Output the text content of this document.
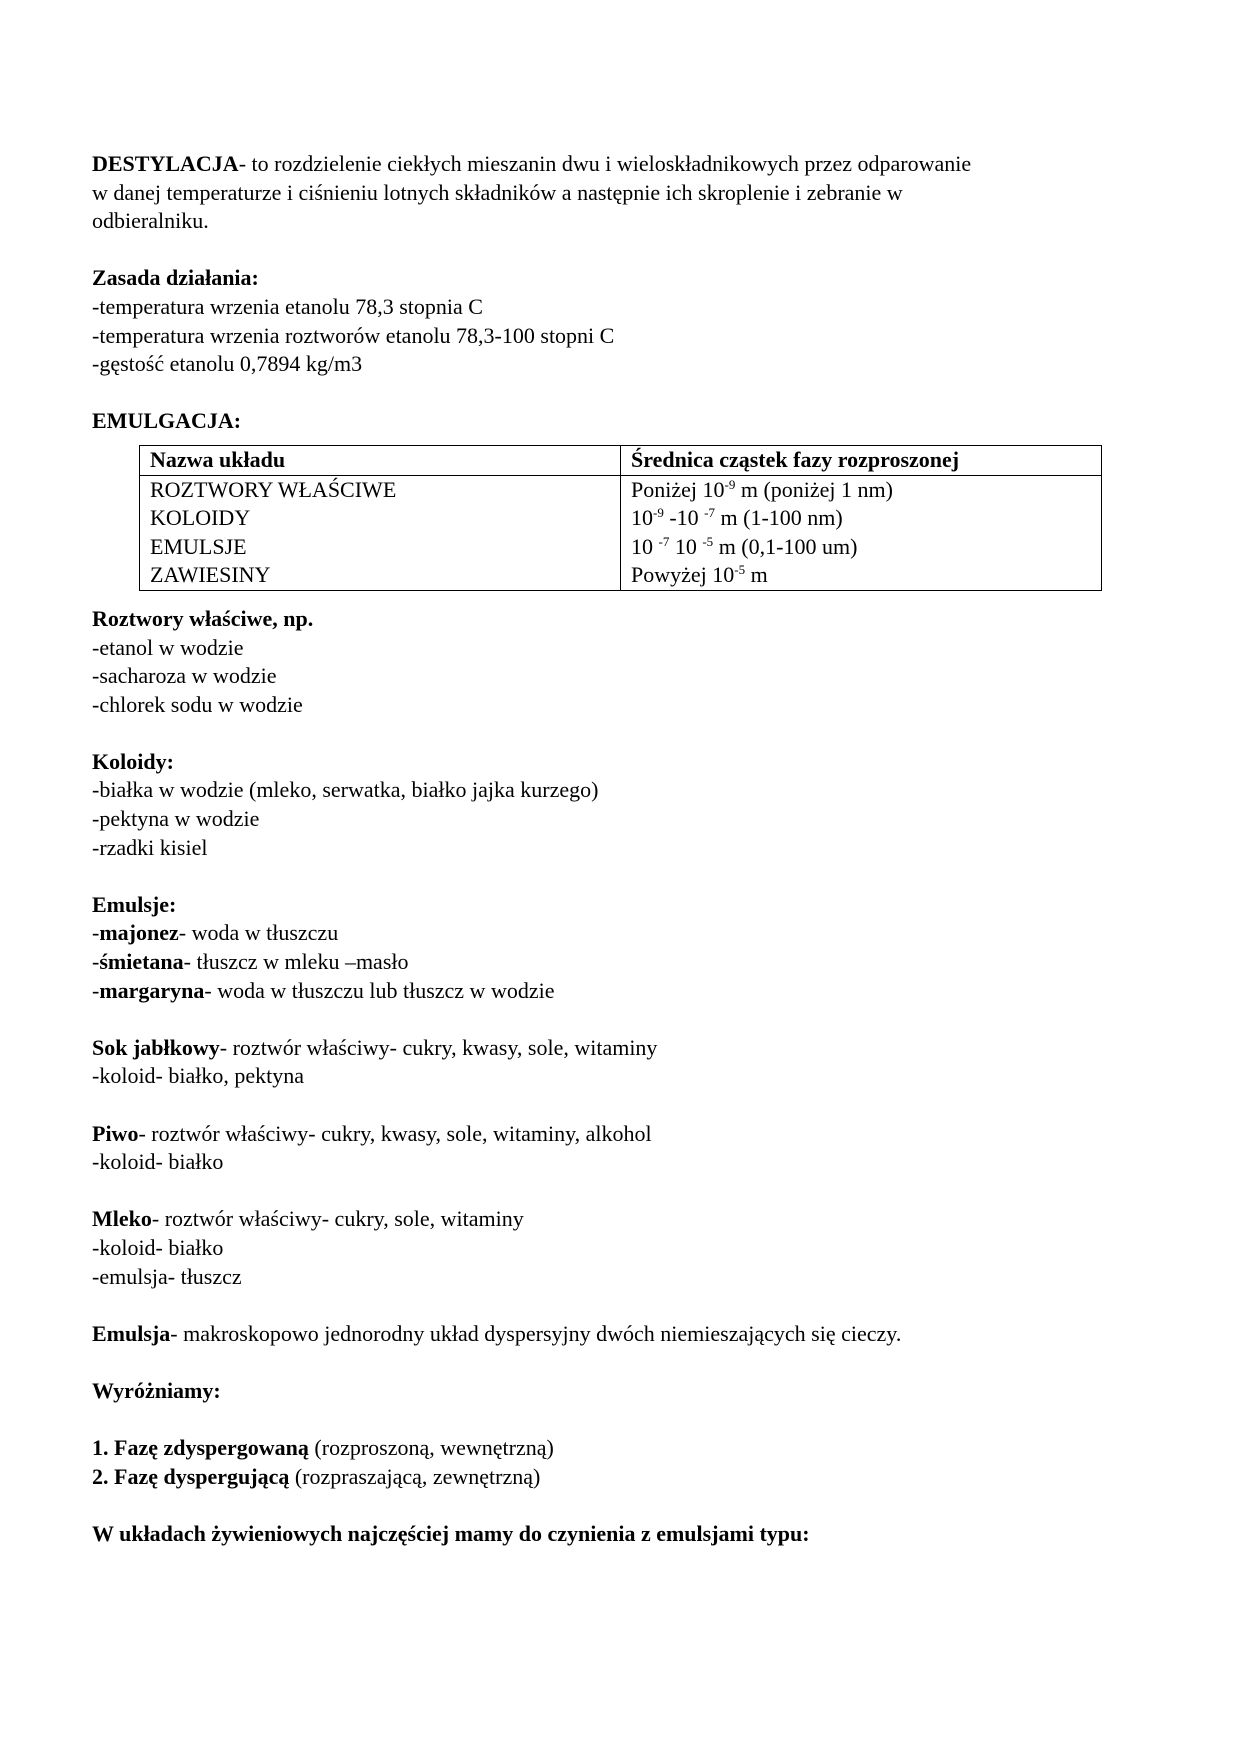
DESTYLACJA- to rozdzielenie ciekłych mieszanin dwu i wieloskładnikowych przez odparowanie

w danej temperaturze i ciśnieniu lotnych składników a następnie ich skroplenie i zebranie w

odbieralniku.

Zasada działania:

-temperatura wrzenia etanolu 78,3 stopnia C

-temperatura wrzenia roztworów etanolu 78,3-100 stopni C

-gęstość etanolu 0,7894 kg/m3

EMULGACJA:

Nazwa układu	Średnica cząstek fazy rozproszonej
ROZTWORY WŁAŚCIWE	Poniżej $10^{-9}$ m (poniżej 1 nm)
KOLOIDY	$10^{-9}$ -10 $^{-7}$ m (1-100 nm)
EMULSJE	10 $^{-7}$ 10 $^{-5}$ m (0,1-100 um)
ZAWIESINY	Powyżej $10^{-5}$ m

Roztwory właściwe, np.

-etanol w wodzie

-sacharoza w wodzie

-chlorek sodu w wodzie

Koloidy:

-białka w wodzie (mleko, serwatka, białko jajka kurzego)

-pektyna w wodzie

-rzadki kisiel

Emulsje:

-majonez- woda w tłuszczu

-śmietana- tłuszcz w mleku –masło

-margaryna- woda w tłuszczu lub tłuszcz w wodzie

Sok jabłkowy- roztwór właściwy- cukry, kwasy, sole, witaminy

-koloid- białko, pektyna

Piwo- roztwór właściwy- cukry, kwasy, sole, witaminy, alkohol

-koloid- białko

Mleko- roztwór właściwy- cukry, sole, witaminy

-koloid- białko

-emulsja- tłuszcz

Emulsja- makroskopowo jednorodny układ dyspersyjny dwóch niemieszających się cieczy.

Wyróżniamy:

1. Fazę zdyspergowaną (rozproszoną, wewnętrzną)

2. Fazę dyspergującą (rozpraszającą, zewnętrzną)

W układach żywieniowych najczęściej mamy do czynienia z emulsjami typu:
